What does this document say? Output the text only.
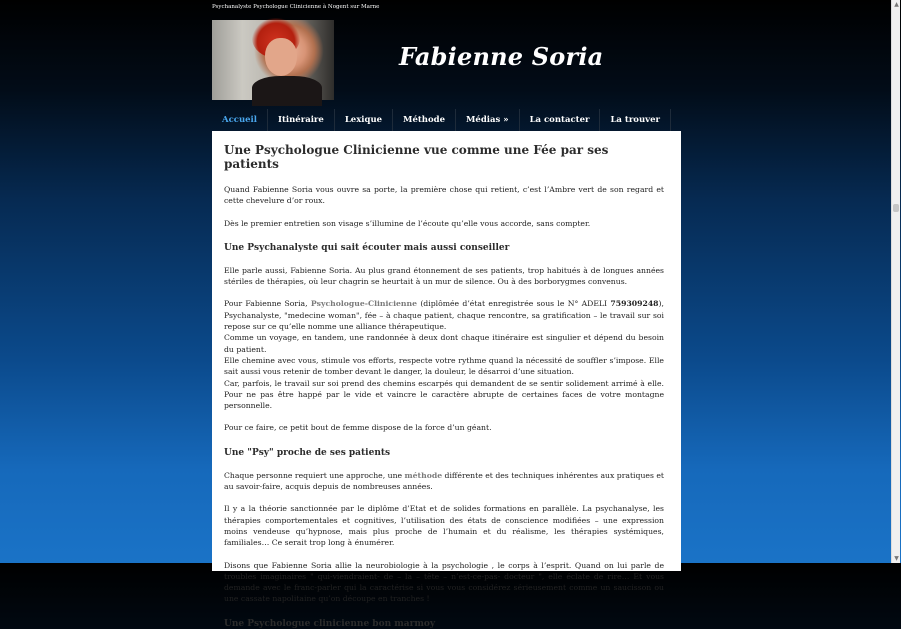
Psychanalyste Psychologue Clinicienne à Nogent sur Marne
Fabienne Soria
Accueil	Itinéraire	Lexique	Méthode	Médias »	La contacter	La trouver
Une Psychologue Clinicienne vue comme une Fée par ses patients

Quand Fabienne Soria vous ouvre sa porte, la première chose qui retient, c’est l’Ambre vert de son regard et cette chevelure d’or roux.

Dès le premier entretien son visage s’illumine de l’écoute qu’elle vous accorde, sans compter.

Une Psychanalyste qui sait écouter mais aussi conseiller

Elle parle aussi, Fabienne Soria. Au plus grand étonnement de ses patients, trop habitués à de longues années stériles de thérapies, où leur chagrin se heurtait à un mur de silence. Ou à des borborygmes convenus.

Pour Fabienne Soria, Psychologue-Clinicienne (diplômée d’état enregistrée sous le N° ADELI 759309248), Psychanalyste, "medecine woman", fée – à chaque patient, chaque rencontre, sa gratification – le travail sur soi repose sur ce qu’elle nomme une alliance thérapeutique.
Comme un voyage, en tandem, une randonnée à deux dont chaque itinéraire est singulier et dépend du besoin du patient.
Elle chemine avec vous, stimule vos efforts, respecte votre rythme quand la nécessité de souffler s’impose. Elle sait aussi vous retenir de tomber devant le danger, la douleur, le désarroi d’une situation.
Car, parfois, le travail sur soi prend des chemins escarpés qui demandent de se sentir solidement arrimé à elle. Pour ne pas être happé par le vide et vaincre le caractère abrupte de certaines faces de votre montagne personnelle.

Pour ce faire, ce petit bout de femme dispose de la force d’un géant.

Une "Psy" proche de ses patients

Chaque personne requiert une approche, une méthode différente et des techniques inhérentes aux pratiques et au savoir-faire, acquis depuis de nombreuses années.

Il y a la théorie sanctionnée par le diplôme d’Etat et de solides formations en parallèle. La psychanalyse, les thérapies comportementales et cognitives, l’utilisation des états de conscience modifiées – une expression moins vendeuse qu’hypnose, mais plus proche de l’humain et du réalisme, les thérapies systémiques, familiales… Ce serait trop long à énumérer.

Disons que Fabienne Soria allie la neurobiologie à la psychologie , le corps à l’esprit. Quand on lui parle de troubles imaginaires " qui-viendraient- de – la – tête – n’est-ce-pas- docteur ", elle éclate de rire… Et vous demande avec le franc-parler qui la caractérise si vous vous considérez sérieusement comme un saucisson ou une cassate napolitaine qu’on découpe en tranches !

Une Psychologue clinicienne bon marmoy
▲
▼
